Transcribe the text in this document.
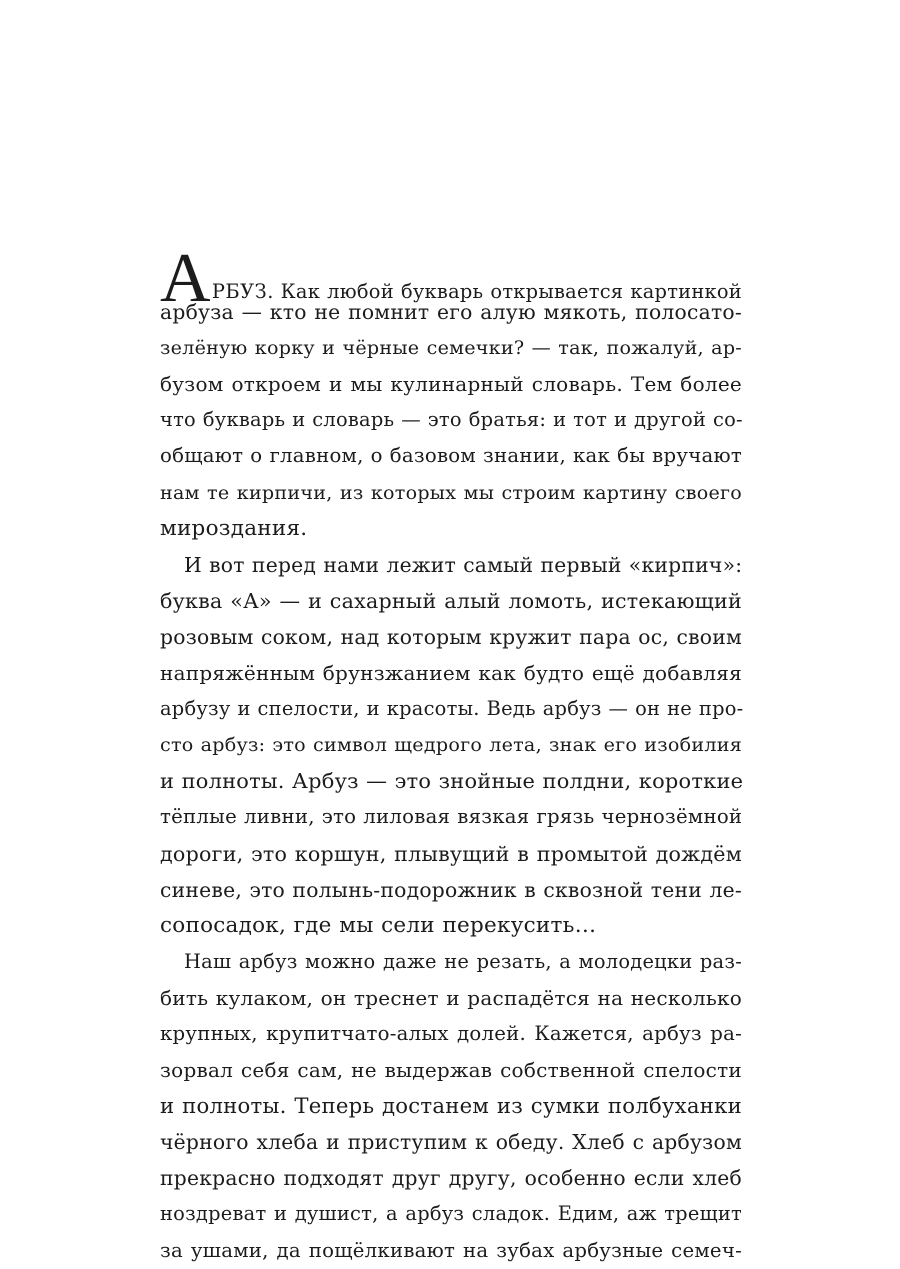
АРБУЗ. Как любой букварь открывается картинкой
арбуза — кто не помнит его алую мякоть, полосато-
зелёную корку и чёрные семечки? — так, пожалуй, ар-
бузом откроем и мы кулинарный словарь. Тем более
что букварь и словарь — это братья: и тот и другой со-
общают о главном, о базовом знании, как бы вручают
нам те кирпичи, из которых мы строим картину своего
мироздания.
И вот перед нами лежит самый первый «кирпич»:
буква «А» — и сахарный алый ломоть, истекающий
розовым соком, над которым кружит пара ос, своим
напряжённым брунзжанием как будто ещё добавляя
арбузу и спелости, и красоты. Ведь арбуз — он не про-
сто арбуз: это символ щедрого лета, знак его изобилия
и полноты. Арбуз — это знойные полдни, короткие
тёплые ливни, это лиловая вязкая грязь чернозёмной
дороги, это коршун, плывущий в промытой дождём
синеве, это полынь-подорожник в сквозной тени ле-
сопосадок, где мы сели перекусить…
Наш арбуз можно даже не резать, а молодецки раз-
бить кулаком, он треснет и распадётся на несколько
крупных, крупитчато-алых долей. Кажется, арбуз ра-
зорвал себя сам, не выдержав собственной спелости
и полноты. Теперь достанем из сумки полбуханки
чёрного хлеба и приступим к обеду. Хлеб с арбузом
прекрасно подходят друг другу, особенно если хлеб
ноздреват и душист, а арбуз сладок. Едим, аж трещит
за ушами, да пощёлкивают на зубах арбузные семеч-
